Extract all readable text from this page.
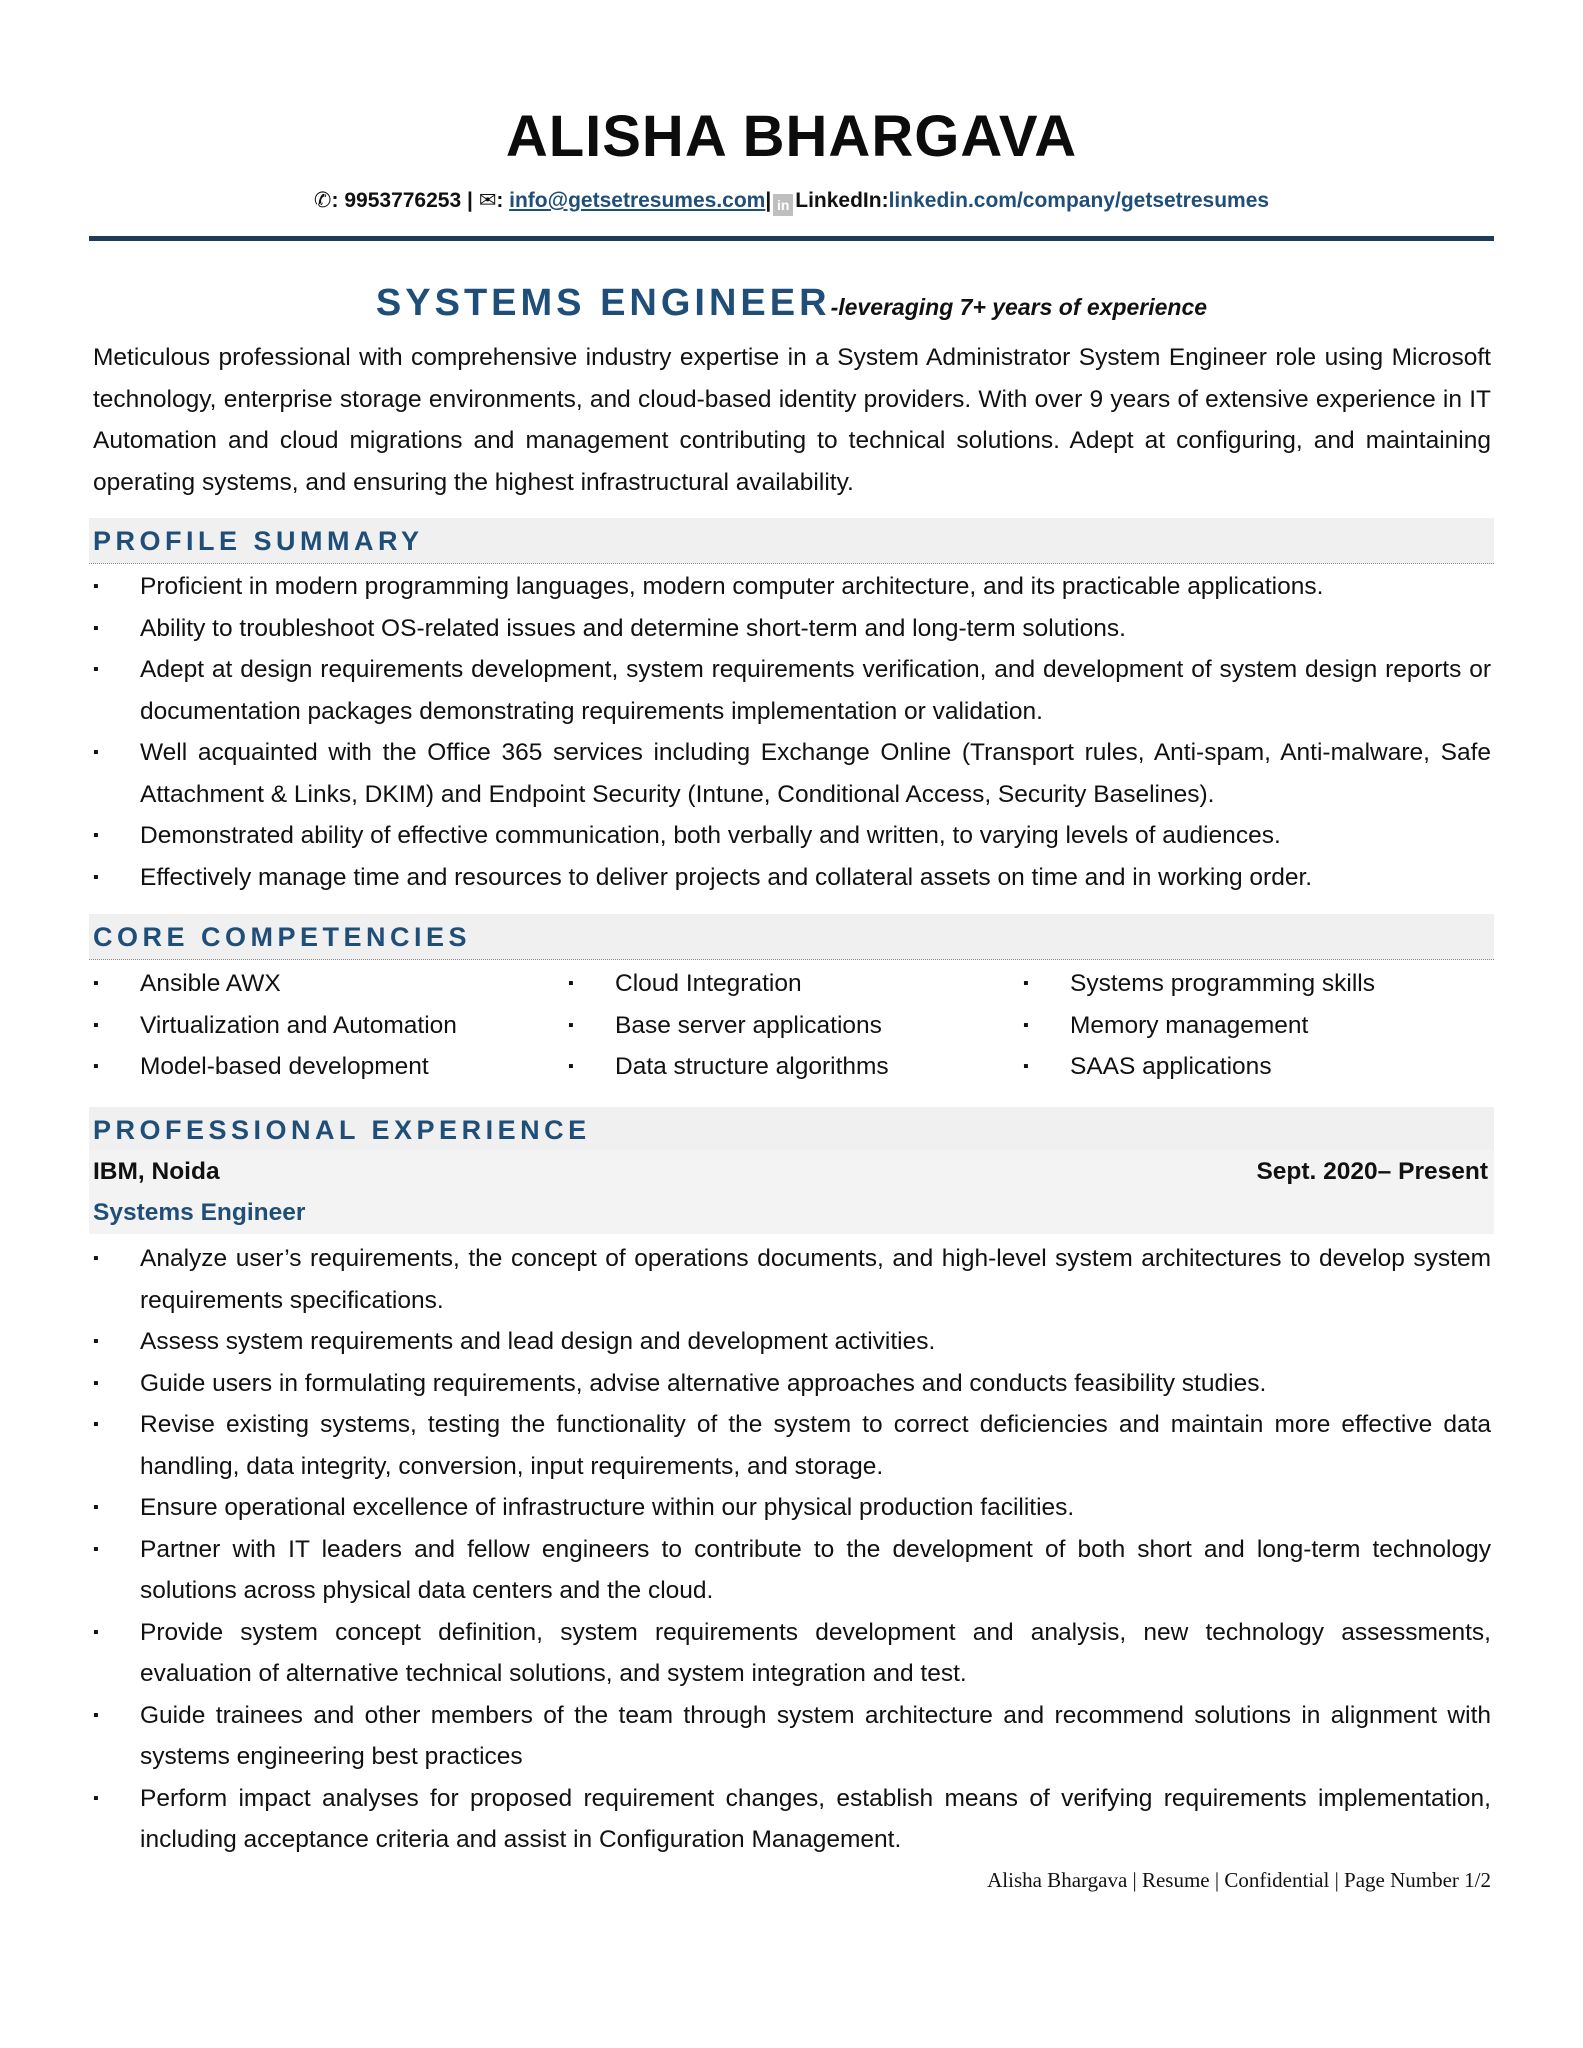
ALISHA BHARGAVA
✆: 9953776253 | ✉: info@getsetresumes.com| in LinkedIn:linkedin.com/company/getsetresumes
SYSTEMS ENGINEER-leveraging 7+ years of experience
Meticulous professional with comprehensive industry expertise in a System Administrator System Engineer role using Microsoft technology, enterprise storage environments, and cloud-based identity providers. With over 9 years of extensive experience in IT Automation and cloud migrations and management contributing to technical solutions. Adept at configuring, and maintaining operating systems, and ensuring the highest infrastructural availability.
PROFILE SUMMARY
▪ Proficient in modern programming languages, modern computer architecture, and its practicable applications.
▪ Ability to troubleshoot OS-related issues and determine short-term and long-term solutions.
▪ Adept at design requirements development, system requirements verification, and development of system design reports or documentation packages demonstrating requirements implementation or validation.
▪ Well acquainted with the Office 365 services including Exchange Online (Transport rules, Anti-spam, Anti-malware, Safe Attachment & Links, DKIM) and Endpoint Security (Intune, Conditional Access, Security Baselines).
▪ Demonstrated ability of effective communication, both verbally and written, to varying levels of audiences.
▪ Effectively manage time and resources to deliver projects and collateral assets on time and in working order.
CORE COMPETENCIES
▪ Ansible AWX
▪ Virtualization and Automation
▪ Model-based development
▪ Cloud Integration
▪ Base server applications
▪ Data structure algorithms
▪ Systems programming skills
▪ Memory management
▪ SAAS applications
PROFESSIONAL EXPERIENCE
IBM, Noida	Sept. 2020– Present
Systems Engineer
▪ Analyze user’s requirements, the concept of operations documents, and high-level system architectures to develop system requirements specifications.
▪ Assess system requirements and lead design and development activities.
▪ Guide users in formulating requirements, advise alternative approaches and conducts feasibility studies.
▪ Revise existing systems, testing the functionality of the system to correct deficiencies and maintain more effective data handling, data integrity, conversion, input requirements, and storage.
▪ Ensure operational excellence of infrastructure within our physical production facilities.
▪ Partner with IT leaders and fellow engineers to contribute to the development of both short and long-term technology solutions across physical data centers and the cloud.
▪ Provide system concept definition, system requirements development and analysis, new technology assessments, evaluation of alternative technical solutions, and system integration and test.
▪ Guide trainees and other members of the team through system architecture and recommend solutions in alignment with systems engineering best practices
▪ Perform impact analyses for proposed requirement changes, establish means of verifying requirements implementation, including acceptance criteria and assist in Configuration Management.
Alisha Bhargava | Resume | Confidential | Page Number 1/2
